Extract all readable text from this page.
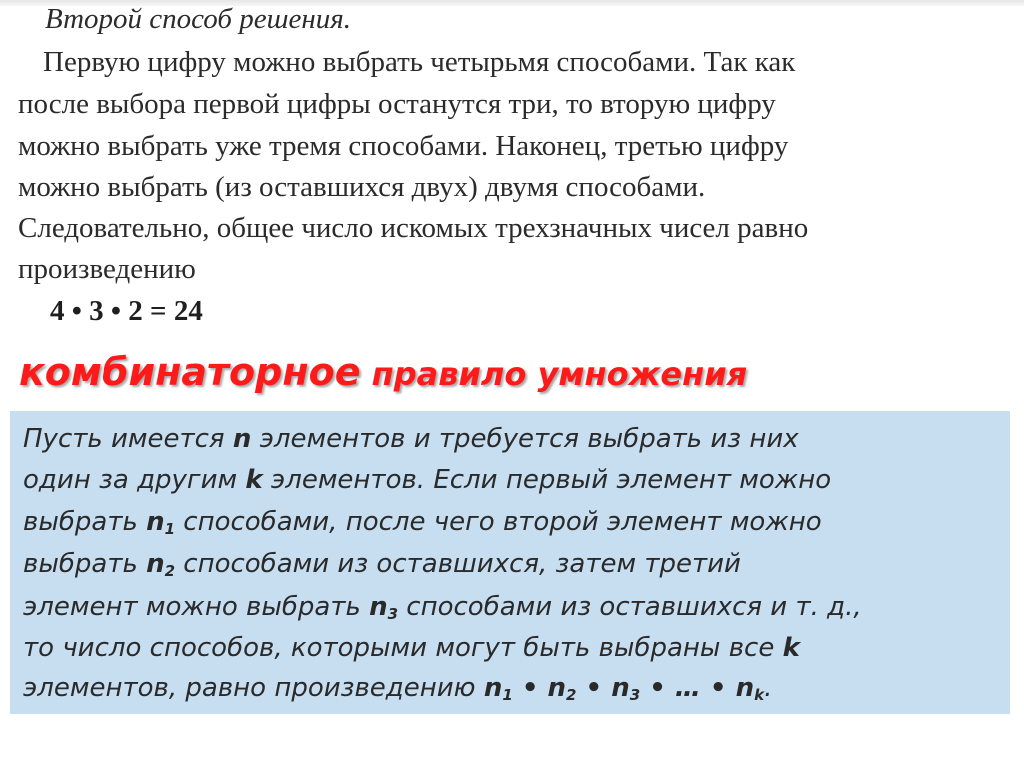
Второй способ решения.

Первую цифру можно выбрать четырьмя способами. Так как

после выбора первой цифры останутся три, то вторую цифру

можно выбрать уже тремя способами. Наконец, третью цифру

можно выбрать (из оставшихся двух) двумя способами.

Следовательно, общее число искомых трехзначных чисел равно

произведению

4 • 3 • 2 = 24

комбинаторное правило умножения

Пусть имеется n элементов и требуется выбрать из них

один за другим k элементов. Если первый элемент можно

выбрать $n_1$ способами, после чего второй элемент можно

выбрать $n_2$ способами из оставшихся, затем третий

элемент можно выбрать $n_3$ способами из оставшихся и т. д.,

то число способов, которыми могут быть выбраны все k

элементов, равно произведению $n_1$ • $n_2$ • $n_3$ • … • $n_k$.
